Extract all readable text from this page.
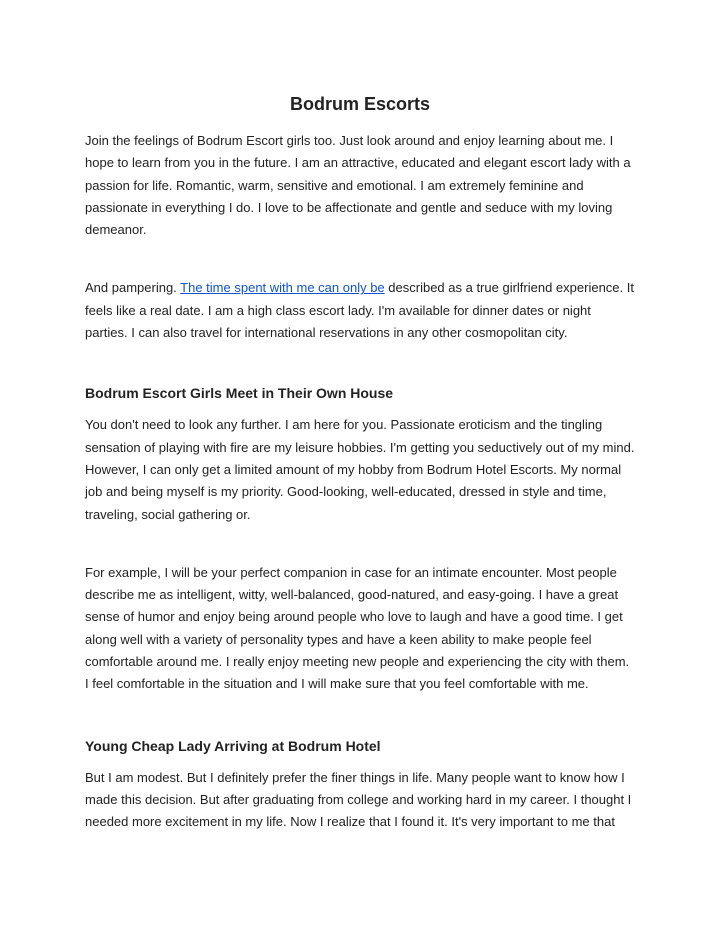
Bodrum Escorts

Join the feelings of Bodrum Escort girls too. Just look around and enjoy learning about me. I hope to learn from you in the future. I am an attractive, educated and elegant escort lady with a passion for life. Romantic, warm, sensitive and emotional. I am extremely feminine and passionate in everything I do. I love to be affectionate and gentle and seduce with my loving demeanor.

And pampering. The time spent with me can only be described as a true girlfriend experience. It feels like a real date. I am a high class escort lady. I'm available for dinner dates or night parties. I can also travel for international reservations in any other cosmopolitan city.

Bodrum Escort Girls Meet in Their Own House

You don't need to look any further. I am here for you. Passionate eroticism and the tingling sensation of playing with fire are my leisure hobbies. I'm getting you seductively out of my mind. However, I can only get a limited amount of my hobby from Bodrum Hotel Escorts. My normal job and being myself is my priority. Good-looking, well-educated, dressed in style and time, traveling, social gathering or.

For example, I will be your perfect companion in case for an intimate encounter. Most people describe me as intelligent, witty, well-balanced, good-natured, and easy-going. I have a great sense of humor and enjoy being around people who love to laugh and have a good time. I get along well with a variety of personality types and have a keen ability to make people feel comfortable around me. I really enjoy meeting new people and experiencing the city with them. I feel comfortable in the situation and I will make sure that you feel comfortable with me.

Young Cheap Lady Arriving at Bodrum Hotel

But I am modest. But I definitely prefer the finer things in life. Many people want to know how I made this decision. But after graduating from college and working hard in my career. I thought I needed more excitement in my life. Now I realize that I found it. It's very important to me that
